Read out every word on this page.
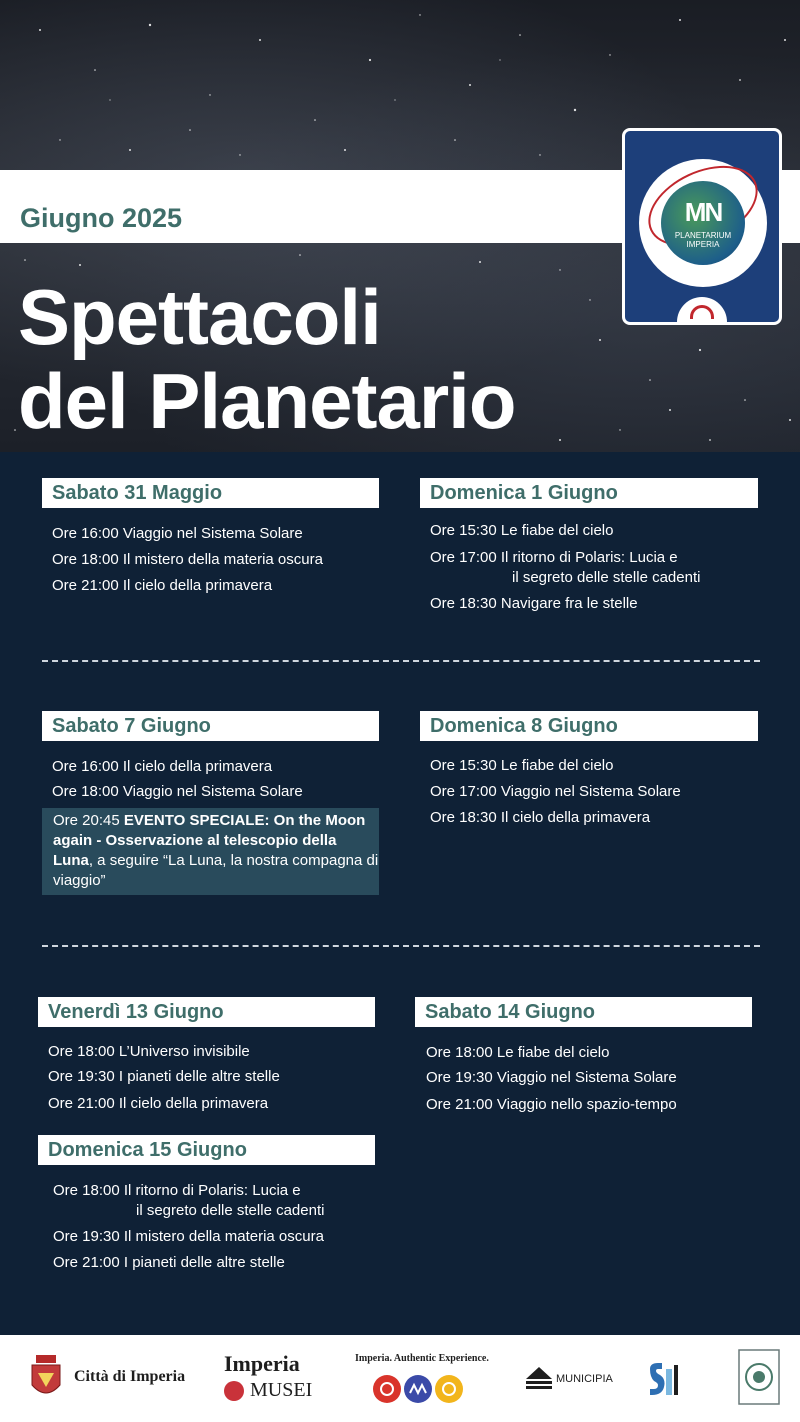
Giugno 2025
Spettacoli
del Planetario
MN
PLANETARIUM
IMPERIA
Sabato 31 Maggio
Ore 16:00 Viaggio nel Sistema Solare
Ore 18:00 Il mistero della materia oscura
Ore 21:00 Il cielo della primavera
Domenica 1 Giugno
Ore 15:30 Le fiabe del cielo
Ore 17:00 Il ritorno di Polaris: Lucia e
il segreto delle stelle cadenti
Ore 18:30 Navigare fra le stelle
Sabato 7 Giugno
Ore 16:00 Il cielo della primavera
Ore 18:00 Viaggio nel Sistema Solare
Ore 20:45 EVENTO SPECIALE: On the Moon again - Osservazione al telescopio della Luna, a seguire “La Luna, la nostra compagna di viaggio”
Domenica 8 Giugno
Ore 15:30 Le fiabe del cielo
Ore 17:00 Viaggio nel Sistema Solare
Ore 18:30 Il cielo della primavera
Venerdì 13 Giugno
Ore 18:00 L’Universo invisibile
Ore 19:30 I pianeti delle altre stelle
Ore 21:00 Il cielo della primavera
Sabato 14 Giugno
Ore 18:00 Le fiabe del cielo
Ore 19:30 Viaggio nel Sistema Solare
Ore 21:00 Viaggio nello spazio-tempo
Domenica 15 Giugno
Ore 18:00 Il ritorno di Polaris: Lucia e
il segreto delle stelle cadenti
Ore 19:30 Il mistero della materia oscura
Ore 21:00 I pianeti delle altre stelle
Città di Imperia
Imperia
MUSEI
Imperia. Authentic Experience.
MUNICIPIA
